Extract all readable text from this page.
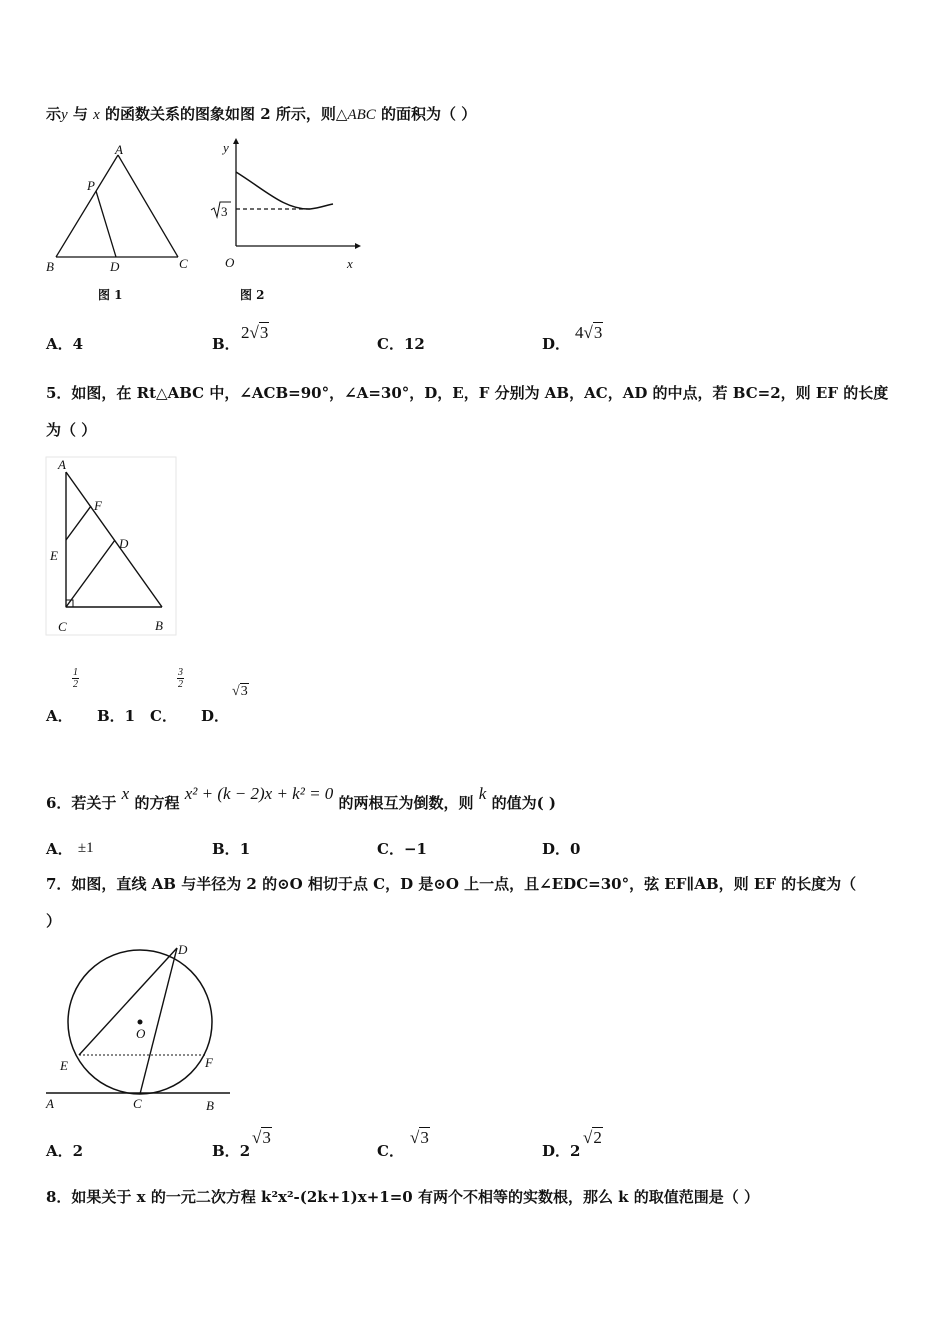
示y 与 x 的函数关系的图象如图 2 所示，则△ABC 的面积为（ ）
A
P
B	D	C
图 1
y
O	x
3
图 2
A．4	B．
2√3
C．12	D．
4√3
5．如图，在 Rt△ABC 中，∠ACB=90°，∠A=30°，D，E，F 分别为 AB，AC，AD 的中点，若 BC=2，则 EF 的长度
为（ ）
A
F
E
D
C	B
$\frac{1}{2}$	$\frac{3}{2}$
√3
A． B．1 C． D．
6．若关于 x 的方程 x² + (k − 2)x + k² = 0 的两根互为倒数，则 k 的值为( )
A． ±1	B．1	C．−1	D．0
7．如图，直线 AB 与半径为 2 的⊙O 相切于点 C，D 是⊙O 上一点，且∠EDC=30°，弦 EF∥AB，则 EF 的长度为（
）
D
O
E	F
A	C	B
A．2	B．2
√3
C．
√3
D．2
√2
8．如果关于 x 的一元二次方程 k²x²-(2k+1)x+1=0 有两个不相等的实数根，那么 k 的取值范围是（ ）
